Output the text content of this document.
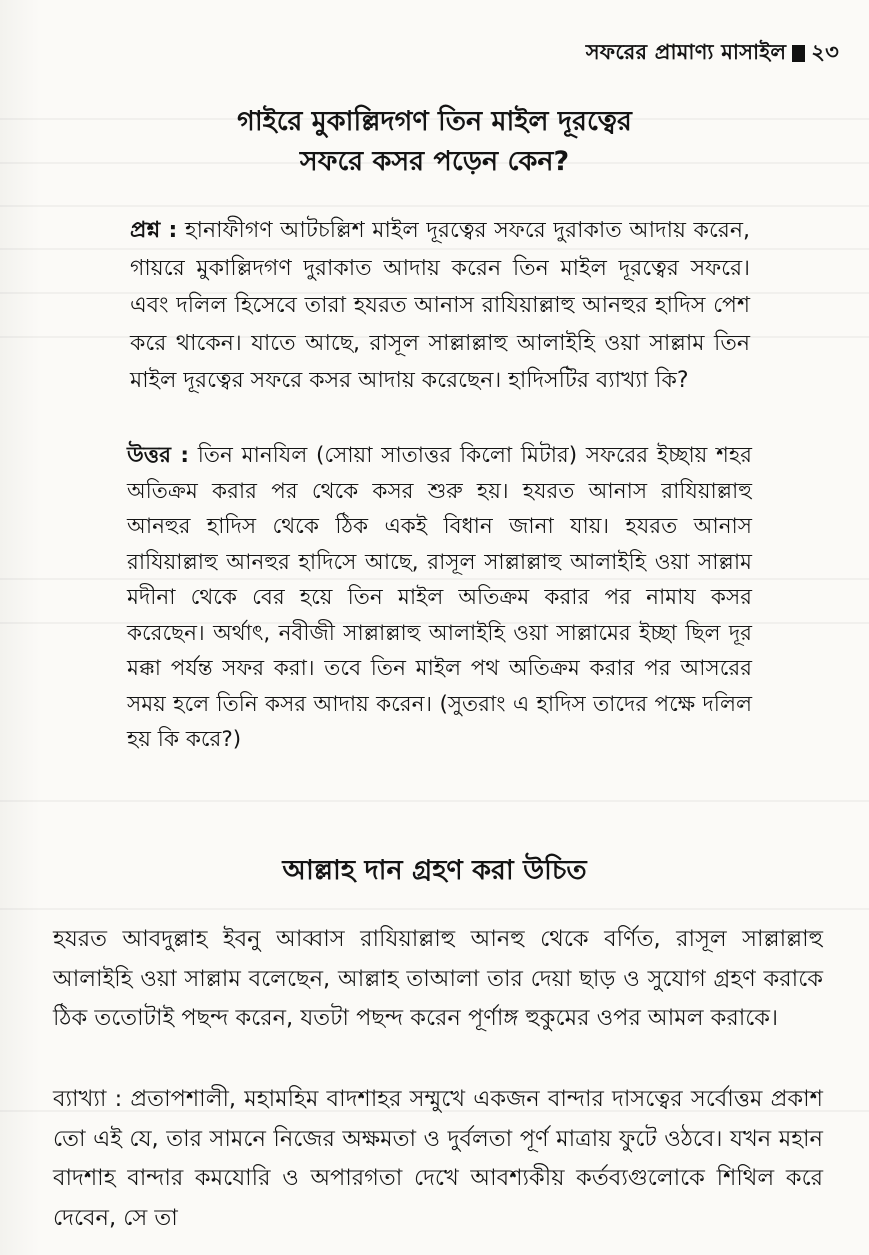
সফরের প্রামাণ্য মাসাইল ২৩
গাইরে মুকাল্লিদগণ তিন মাইল দূরত্বের
সফরে কসর পড়েন কেন?

প্রশ্ন : হানাফীগণ আটচল্লিশ মাইল দূরত্বের সফরে দুরাকাত আদায় করেন, গায়রে মুকাল্লিদগণ দুরাকাত আদায় করেন তিন মাইল দূরত্বের সফরে। এবং দলিল হিসেবে তারা হযরত আনাস রাযিয়াল্লাহু আনহুর হাদিস পেশ করে থাকেন। যাতে আছে, রাসূল সাল্লাল্লাহু আলাইহি ওয়া সাল্লাম তিন মাইল দূরত্বের সফরে কসর আদায় করেছেন। হাদিসটির ব্যাখ্যা কি?

উত্তর : তিন মানযিল (সোয়া সাতাত্তর কিলো মিটার) সফরের ইচ্ছায় শহর অতিক্রম করার পর থেকে কসর শুরু হয়। হযরত আনাস রাযিয়াল্লাহু আনহুর হাদিস থেকে ঠিক একই বিধান জানা যায়। হযরত আনাস রাযিয়াল্লাহু আনহুর হাদিসে আছে, রাসূল সাল্লাল্লাহু আলাইহি ওয়া সাল্লাম মদীনা থেকে বের হয়ে তিন মাইল অতিক্রম করার পর নামায কসর করেছেন। অর্থাৎ, নবীজী সাল্লাল্লাহু আলাইহি ওয়া সাল্লামের ইচ্ছা ছিল দূর মক্কা পর্যন্ত সফর করা। তবে তিন মাইল পথ অতিক্রম করার পর আসরের সময় হলে তিনি কসর আদায় করেন। (সুতরাং এ হাদিস তাদের পক্ষে দলিল হয় কি করে?)

আল্লাহ দান গ্রহণ করা উচিত

হযরত আবদুল্লাহ ইবনু আব্বাস রাযিয়াল্লাহু আনহু থেকে বর্ণিত, রাসূল সাল্লাল্লাহু আলাইহি ওয়া সাল্লাম বলেছেন, আল্লাহ তাআলা তার দেয়া ছাড় ও সুযোগ গ্রহণ করাকে ঠিক ততোটাই পছন্দ করেন, যতটা পছন্দ করেন পূর্ণাঙ্গ হুকুমের ওপর আমল করাকে।

ব্যাখ্যা : প্রতাপশালী, মহামহিম বাদশাহর সম্মুখে একজন বান্দার দাসত্বের সর্বোত্তম প্রকাশ তো এই যে, তার সামনে নিজের অক্ষমতা ও দুর্বলতা পূর্ণ মাত্রায় ফুটে ওঠবে। যখন মহান বাদশাহ বান্দার কমযোরি ও অপারগতা দেখে আবশ্যকীয় কর্তব্যগুলোকে শিথিল করে দেবেন, সে তা
